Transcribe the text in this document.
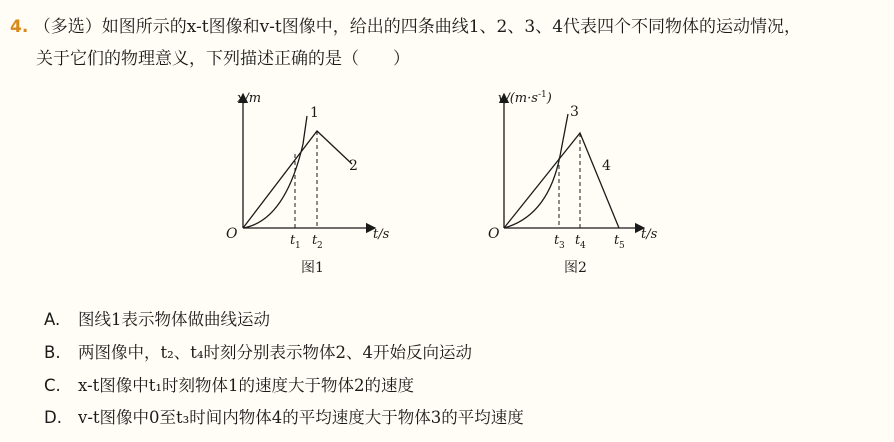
4. （多选）如图所示的x-t图像和v-t图像中，给出的四条曲线1、2、3、4代表四个不同物体的运动情况，
关于它们的物理意义，下列描述正确的是（　　）
x/m
t/s
O	t 1 t 2
1
2
图1
$v/(m\cdot s^{-1})$
t/s
O	t 3 t 4 t 5
3
4
图2
A. 图线1表示物体做曲线运动
B. 两图像中，t₂、t₄时刻分别表示物体2、4开始反向运动
C. x-t图像中t₁时刻物体1的速度大于物体2的速度
D. v-t图像中0至t₃时间内物体4的平均速度大于物体3的平均速度
